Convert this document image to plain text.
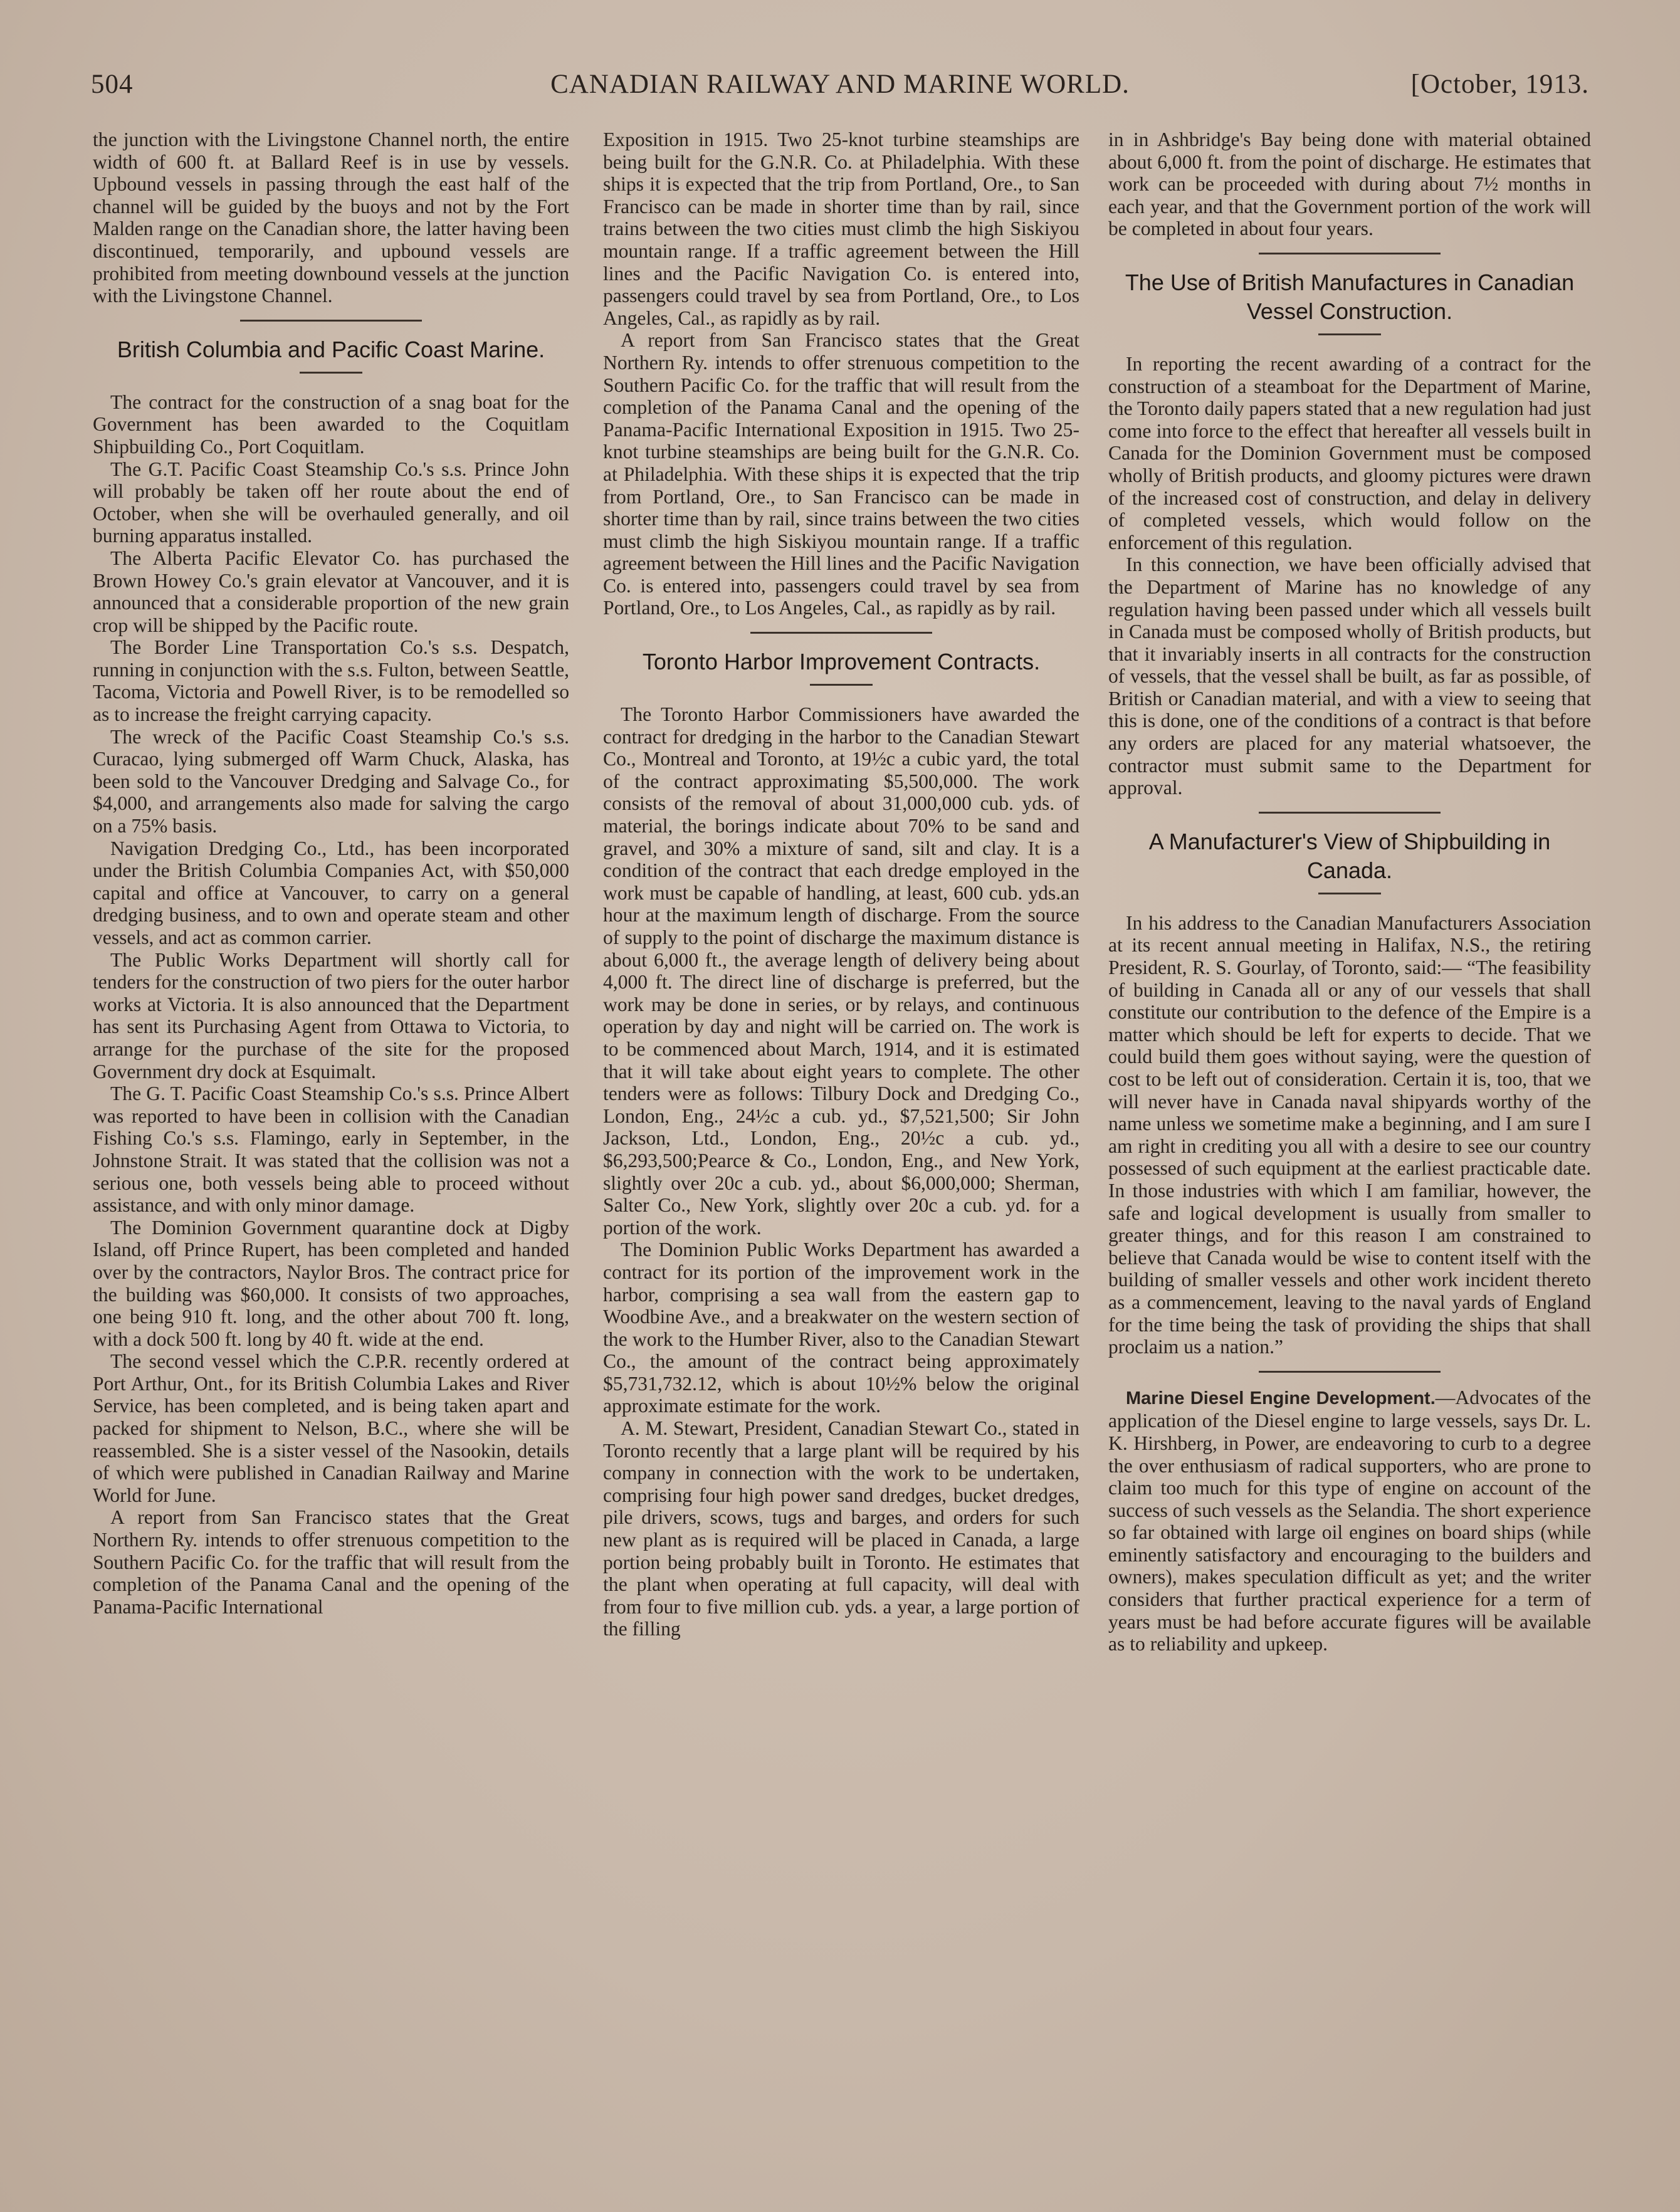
504	CANADIAN RAILWAY AND MARINE WORLD.	[October, 1913.

the junction with the Livingstone Channel north, the entire width of 600 ft. at Ballard Reef is in use by vessels. Upbound vessels in passing through the east half of the channel will be guided by the buoys and not by the Fort Malden range on the Canadian shore, the latter having been discontinued, temporarily, and upbound vessels are prohibited from meeting downbound vessels at the junction with the Livingstone Channel.

British Columbia and Pacific Coast Marine.

The contract for the construction of a snag boat for the Government has been awarded to the Coquitlam Shipbuilding Co., Port Coquitlam.

The G.T. Pacific Coast Steamship Co.'s s.s. Prince John will probably be taken off her route about the end of October, when she will be overhauled generally, and oil burning apparatus installed.

The Alberta Pacific Elevator Co. has purchased the Brown Howey Co.'s grain elevator at Vancouver, and it is announced that a considerable proportion of the new grain crop will be shipped by the Pacific route.

The Border Line Transportation Co.'s s.s. Despatch, running in conjunction with the s.s. Fulton, between Seattle, Tacoma, Victoria and Powell River, is to be remodelled so as to increase the freight carrying capacity.

The wreck of the Pacific Coast Steamship Co.'s s.s. Curacao, lying submerged off Warm Chuck, Alaska, has been sold to the Vancouver Dredging and Salvage Co., for $4,000, and arrangements also made for salving the cargo on a 75% basis.

Navigation Dredging Co., Ltd., has been incorporated under the British Columbia Companies Act, with $50,000 capital and office at Vancouver, to carry on a general dredging business, and to own and operate steam and other vessels, and act as common carrier.

The Public Works Department will shortly call for tenders for the construction of two piers for the outer harbor works at Victoria. It is also announced that the Department has sent its Purchasing Agent from Ottawa to Victoria, to arrange for the purchase of the site for the proposed Government dry dock at Esquimalt.

The G. T. Pacific Coast Steamship Co.'s s.s. Prince Albert was reported to have been in collision with the Canadian Fishing Co.'s s.s. Flamingo, early in September, in the Johnstone Strait. It was stated that the collision was not a serious one, both vessels being able to proceed without assistance, and with only minor damage.

The Dominion Government quarantine dock at Digby Island, off Prince Rupert, has been completed and handed over by the contractors, Naylor Bros. The contract price for the building was $60,000. It consists of two approaches, one being 910 ft. long, and the other about 700 ft. long, with a dock 500 ft. long by 40 ft. wide at the end.

The second vessel which the C.P.R. recently ordered at Port Arthur, Ont., for its British Columbia Lakes and River Service, has been completed, and is being taken apart and packed for shipment to Nelson, B.C., where she will be reassembled. She is a sister vessel of the Nasookin, details of which were published in Canadian Railway and Marine World for June.

A report from San Francisco states that the Great Northern Ry. intends to offer strenuous competition to the Southern Pacific Co. for the traffic that will result from the completion of the Panama Canal and the opening of the Panama-Pacific International

Exposition in 1915. Two 25-knot turbine steamships are being built for the G.N.R. Co. at Philadelphia. With these ships it is expected that the trip from Portland, Ore., to San Francisco can be made in shorter time than by rail, since trains between the two cities must climb the high Siskiyou mountain range. If a traffic agreement between the Hill lines and the Pacific Navigation Co. is entered into, passengers could travel by sea from Portland, Ore., to Los Angeles, Cal., as rapidly as by rail.

A report from San Francisco states that the Great Northern Ry. intends to offer strenuous competition to the Southern Pacific Co. for the traffic that will result from the completion of the Panama Canal and the opening of the Panama-Pacific International Exposition in 1915. Two 25-knot turbine steamships are being built for the G.N.R. Co. at Philadelphia. With these ships it is expected that the trip from Portland, Ore., to San Francisco can be made in shorter time than by rail, since trains between the two cities must climb the high Siskiyou mountain range. If a traffic agreement between the Hill lines and the Pacific Navigation Co. is entered into, passengers could travel by sea from Portland, Ore., to Los Angeles, Cal., as rapidly as by rail.

Toronto Harbor Improvement Contracts.

The Toronto Harbor Commissioners have awarded the contract for dredging in the harbor to the Canadian Stewart Co., Montreal and Toronto, at 19½c a cubic yard, the total of the contract approximating $5,500,000. The work consists of the removal of about 31,000,000 cub. yds. of material, the borings indicate about 70% to be sand and gravel, and 30% a mixture of sand, silt and clay. It is a condition of the contract that each dredge employed in the work must be capable of handling, at least, 600 cub. yds.an hour at the maximum length of discharge. From the source of supply to the point of discharge the maximum distance is about 6,000 ft., the average length of delivery being about 4,000 ft. The direct line of discharge is preferred, but the work may be done in series, or by relays, and continuous operation by day and night will be carried on. The work is to be commenced about March, 1914, and it is estimated that it will take about eight years to complete. The other tenders were as follows: Tilbury Dock and Dredging Co., London, Eng., 24½c a cub. yd., $7,521,500; Sir John Jackson, Ltd., London, Eng., 20½c a cub. yd., $6,293,500;Pearce & Co., London, Eng., and New York, slightly over 20c a cub. yd., about $6,000,000; Sherman, Salter Co., New York, slightly over 20c a cub. yd. for a portion of the work.

The Dominion Public Works Department has awarded a contract for its portion of the improvement work in the harbor, comprising a sea wall from the eastern gap to Woodbine Ave., and a breakwater on the western section of the work to the Humber River, also to the Canadian Stewart Co., the amount of the contract being approximately $5,731,732.12, which is about 10½% below the original approximate estimate for the work.

A. M. Stewart, President, Canadian Stewart Co., stated in Toronto recently that a large plant will be required by his company in connection with the work to be undertaken, comprising four high power sand dredges, bucket dredges, pile drivers, scows, tugs and barges, and orders for such new plant as is required will be placed in Canada, a large portion being probably built in Toronto. He estimates that the plant when operating at full capacity, will deal with from four to five million cub. yds. a year, a large portion of the filling

in in Ashbridge's Bay being done with material obtained about 6,000 ft. from the point of discharge. He estimates that work can be proceeded with during about 7½ months in each year, and that the Government portion of the work will be completed in about four years.

The Use of British Manufactures in Canadian Vessel Construction.

In reporting the recent awarding of a contract for the construction of a steamboat for the Department of Marine, the Toronto daily papers stated that a new regulation had just come into force to the effect that hereafter all vessels built in Canada for the Dominion Government must be composed wholly of British products, and gloomy pictures were drawn of the increased cost of construction, and delay in delivery of completed vessels, which would follow on the enforcement of this regulation.

In this connection, we have been officially advised that the Department of Marine has no knowledge of any regulation having been passed under which all vessels built in Canada must be composed wholly of British products, but that it invariably inserts in all contracts for the construction of vessels, that the vessel shall be built, as far as possible, of British or Canadian material, and with a view to seeing that this is done, one of the conditions of a contract is that before any orders are placed for any material whatsoever, the contractor must submit same to the Department for approval.

A Manufacturer's View of Shipbuilding in Canada.

In his address to the Canadian Manufacturers Association at its recent annual meeting in Halifax, N.S., the retiring President, R. S. Gourlay, of Toronto, said:— “The feasibility of building in Canada all or any of our vessels that shall constitute our contribution to the defence of the Empire is a matter which should be left for experts to decide. That we could build them goes without saying, were the question of cost to be left out of consideration. Certain it is, too, that we will never have in Canada naval shipyards worthy of the name unless we sometime make a beginning, and I am sure I am right in crediting you all with a desire to see our country possessed of such equipment at the earliest practicable date. In those industries with which I am familiar, however, the safe and logical development is usually from smaller to greater things, and for this reason I am constrained to believe that Canada would be wise to content itself with the building of smaller vessels and other work incident thereto as a commencement, leaving to the naval yards of England for the time being the task of providing the ships that shall proclaim us a nation.”

Marine Diesel Engine Development.—Advocates of the application of the Diesel engine to large vessels, says Dr. L. K. Hirshberg, in Power, are endeavoring to curb to a degree the over enthusiasm of radical supporters, who are prone to claim too much for this type of engine on account of the success of such vessels as the Selandia. The short experience so far obtained with large oil engines on board ships (while eminently satisfactory and encouraging to the builders and owners), makes speculation difficult as yet; and the writer considers that further practical experience for a term of years must be had before accurate figures will be available as to reliability and upkeep.
